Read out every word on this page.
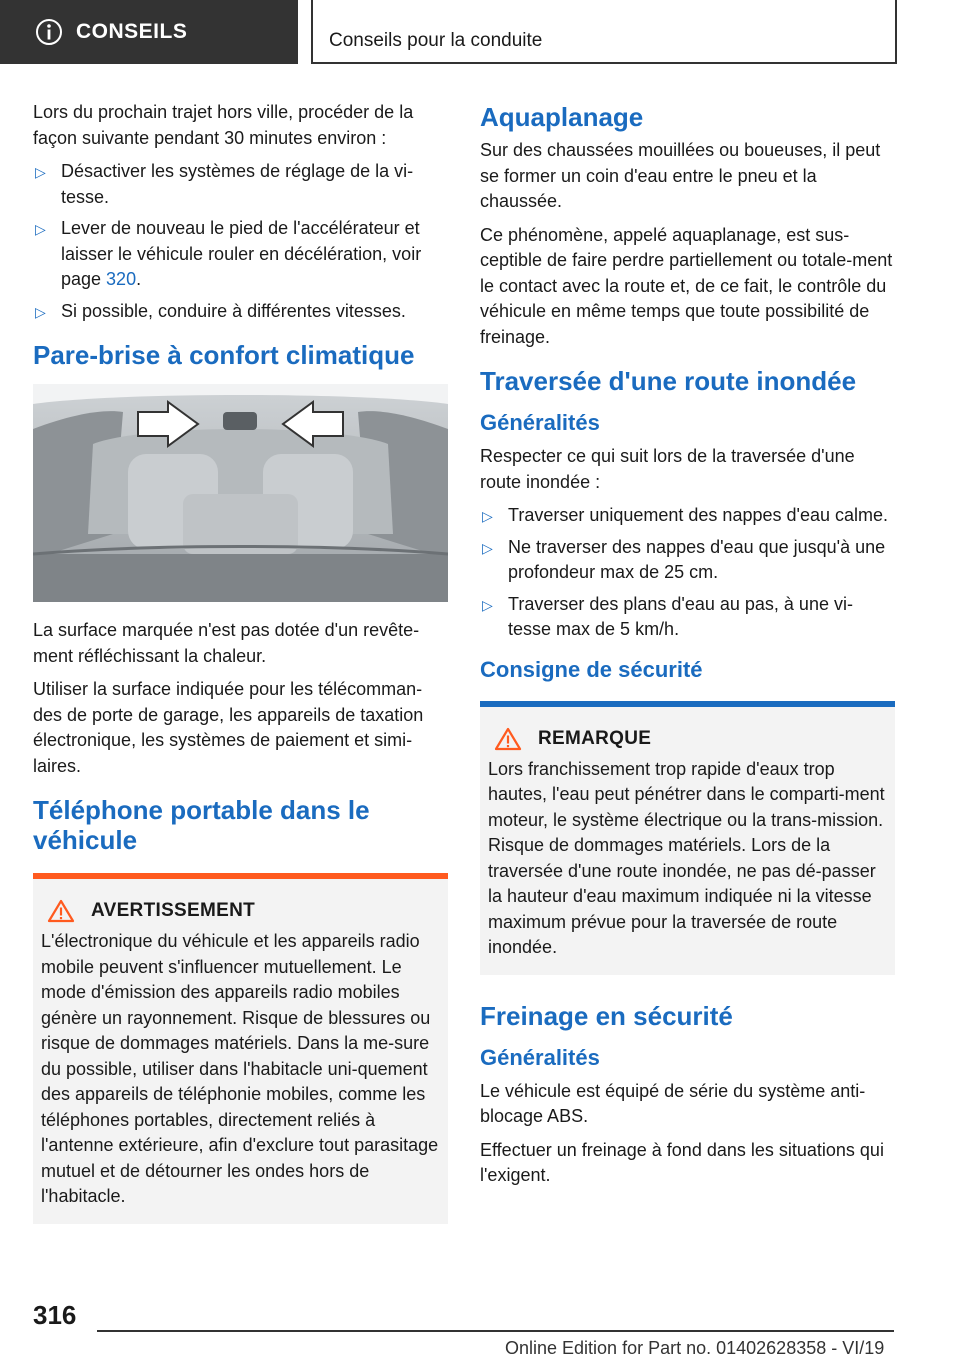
CONSEILS	Conseils pour la conduite

Lors du prochain trajet hors ville, procéder de la façon suivante pendant 30 minutes environ :

▷ Désactiver les systèmes de réglage de la vi‐tesse.
▷ Lever de nouveau le pied de l'accélérateur et laisser le véhicule rouler en décélération, voir page 320.
▷ Si possible, conduire à différentes vitesses.
Pare-brise à confort climatique

La surface marquée n'est pas dotée d'un revête‐ment réfléchissant la chaleur.

Utiliser la surface indiquée pour les télécomman‐des de porte de garage, les appareils de taxation électronique, les systèmes de paiement et simi‐laires.

Téléphone portable dans le véhicule
AVERTISSEMENT

L'électronique du véhicule et les appareils radio mobile peuvent s'influencer mutuellement. Le mode d'émission des appareils radio mobiles génère un rayonnement. Risque de blessures ou risque de dommages matériels. Dans la me‐sure du possible, utiliser dans l'habitacle uni‐quement des appareils de téléphonie mobiles, comme les téléphones portables, directement reliés à l'antenne extérieure, afin d'exclure tout parasitage mutuel et de détourner les ondes hors de l'habitacle.

Aquaplanage

Sur des chaussées mouillées ou boueuses, il peut se former un coin d'eau entre le pneu et la chaussée.

Ce phénomène, appelé aquaplanage, est sus‐ceptible de faire perdre partiellement ou totale‐ment le contact avec la route et, de ce fait, le contrôle du véhicule en même temps que toute possibilité de freinage.

Traversée d'une route inondée
Généralités

Respecter ce qui suit lors de la traversée d'une route inondée :

▷ Traverser uniquement des nappes d'eau calme.
▷ Ne traverser des nappes d'eau que jusqu'à une profondeur max de 25 cm.
▷ Traverser des plans d'eau au pas, à une vi‐tesse max de 5 km/h.
Consigne de sécurité
REMARQUE

Lors franchissement trop rapide d'eaux trop hautes, l'eau peut pénétrer dans le comparti‐ment moteur, le système électrique ou la trans‐mission. Risque de dommages matériels. Lors de la traversée d'une route inondée, ne pas dé‐passer la hauteur d'eau maximum indiquée ni la vitesse maximum prévue pour la traversée de route inondée.

Freinage en sécurité
Généralités

Le véhicule est équipé de série du système anti‐blocage ABS.

Effectuer un freinage à fond dans les situations qui l'exigent.

316
Online Edition for Part no. 01402628358 - VI/19
